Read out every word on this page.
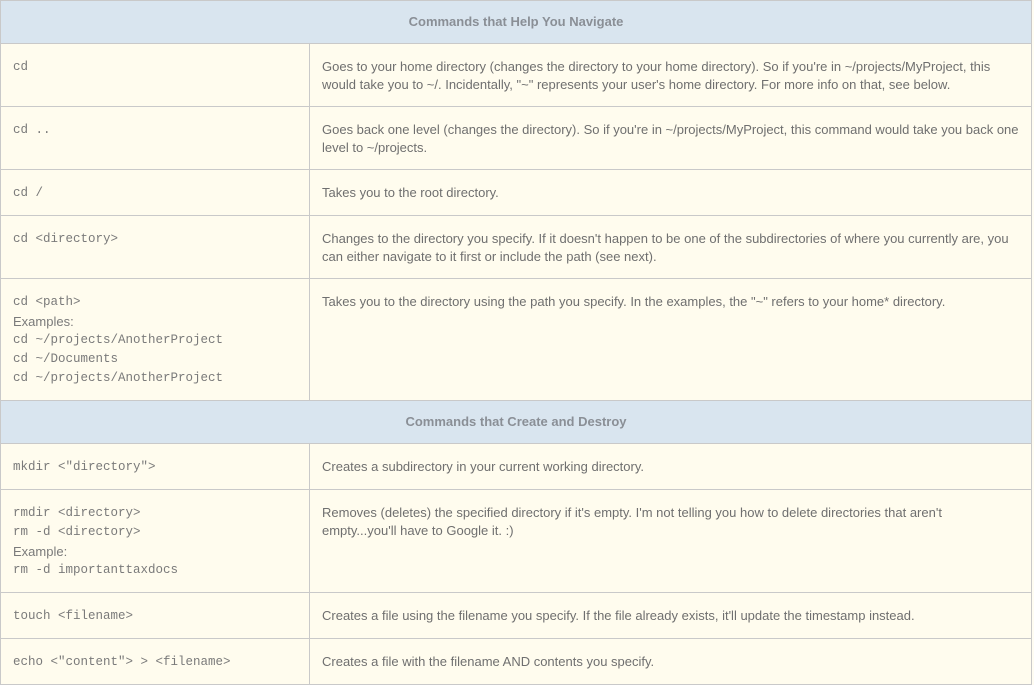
Commands that Help You Navigate	

cd	Goes to your home directory (changes the directory to your home directory). So if you're in ~/projects/MyProject, this would take you to ~/. Incidentally, "~" represents your user's home directory. For more info on that, see below.

cd ..	Goes back one level (changes the directory). So if you're in ~/projects/MyProject, this command would take you back one level to ~/projects.

cd /	Takes you to the root directory.

cd <directory>	Changes to the directory you specify. If it doesn't happen to be one of the subdirectories of where you currently are, you can either navigate to it first or include the path (see next).

cd <path>
Examples:
cd ~/projects/AnotherProject
cd ~/Documents
cd ~/projects/AnotherProject	Takes you to the directory using the path you specify. In the examples, the "~" refers to your home* directory.
Commands that Create and Destroy	

mkdir <"directory">	Creates a subdirectory in your current working directory.

rmdir <directory>
rm -d <directory>
Example:
rm -d importanttaxdocs	Removes (deletes) the specified directory if it's empty. I'm not telling you how to delete directories that aren't empty...you'll have to Google it. :)

touch <filename>	Creates a file using the filename you specify. If the file already exists, it'll update the timestamp instead.

echo <"content"> > <filename>	Creates a file with the filename AND contents you specify.
